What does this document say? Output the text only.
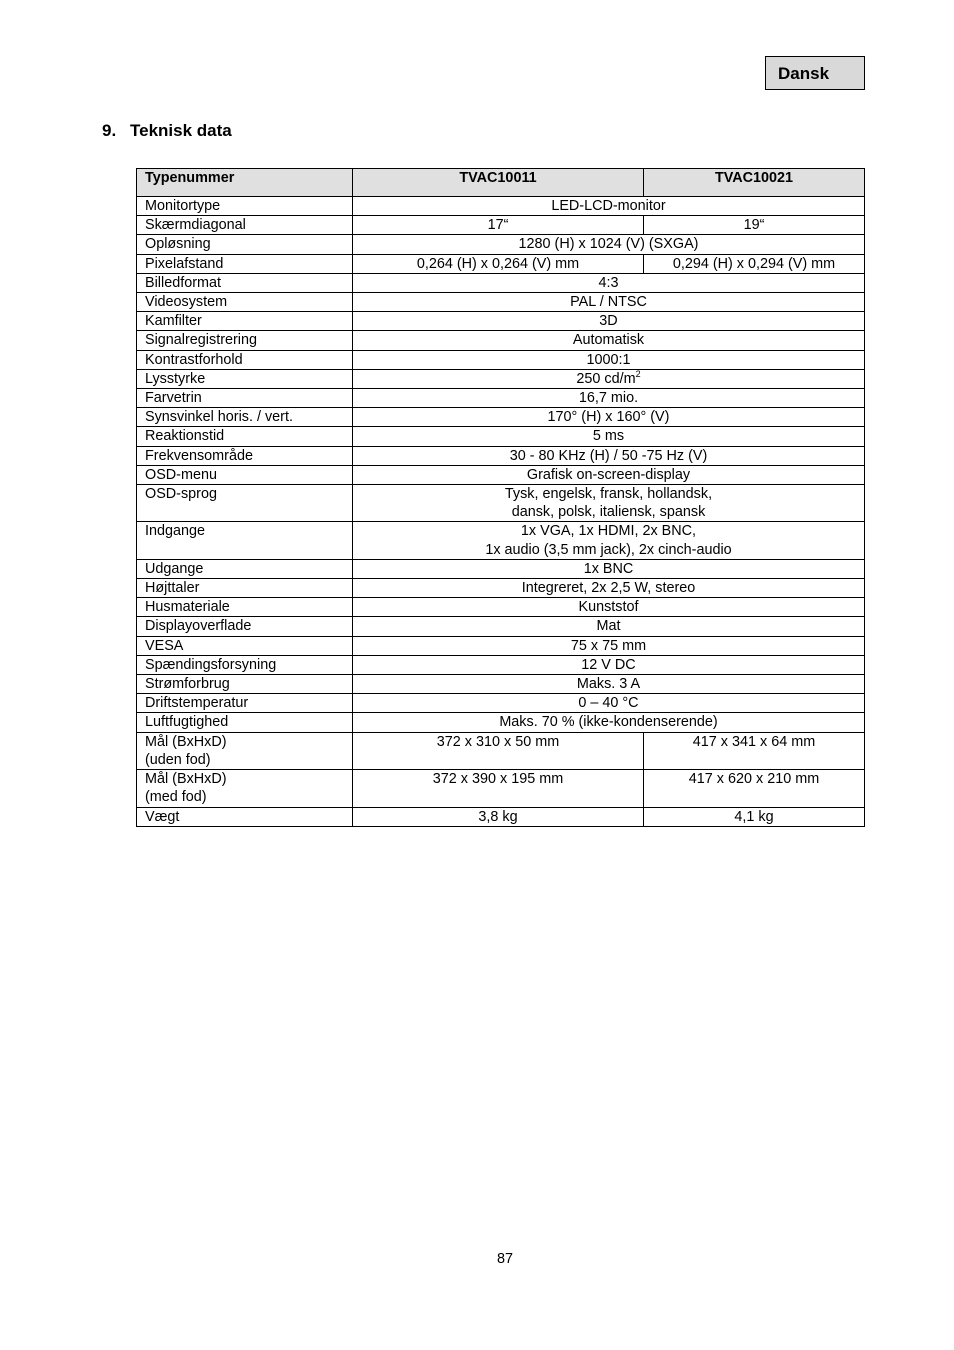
Dansk
9. Teknisk data
Typenummer	TVAC10011	TVAC10021
Monitortype	LED-LCD-monitor	
Skærmdiagonal	17“	19“
Opløsning	1280 (H) x 1024 (V) (SXGA)	
Pixelafstand	0,264 (H) x 0,264 (V) mm	0,294 (H) x 0,294 (V) mm
Billedformat	4:3	
Videosystem	PAL / NTSC	
Kamfilter	3D	
Signalregistrering	Automatisk	
Kontrastforhold	1000:1	
Lysstyrke	250 $cd/m^2$
Farvetrin	16,7 mio.	
Synsvinkel horis. / vert.	170° (H) x 160° (V)	
Reaktionstid	5 ms	
Frekvensområde	30 - 80 KHz (H) / 50 -75 Hz (V)	
OSD-menu	Grafisk on-screen-display	
OSD-sprog	Tysk, engelsk, fransk, hollandsk,
dansk, polsk, italiensk, spansk	

Indgange	1x VGA, 1x HDMI, 2x BNC,
1x audio (3,5 mm jack), 2x cinch-audio	

Udgange	1x BNC	
Højttaler	Integreret, 2x 2,5 W, stereo	
Husmateriale	Kunststof	
Displayoverflade	Mat	
VESA	75 x 75 mm	
Spændingsforsyning	12 V DC	
Strømforbrug	Maks. 3 A	
Driftstemperatur	0 – 40 °C	
Luftfugtighed	Maks. 70 % (ikke-kondenserende)	

Mål (BxHxD)
(uden fod)	372 x 310 x 50 mm	417 x 341 x 64 mm

Mål (BxHxD)
(med fod)	372 x 390 x 195 mm	417 x 620 x 210 mm
Vægt	3,8 kg	4,1 kg
87
